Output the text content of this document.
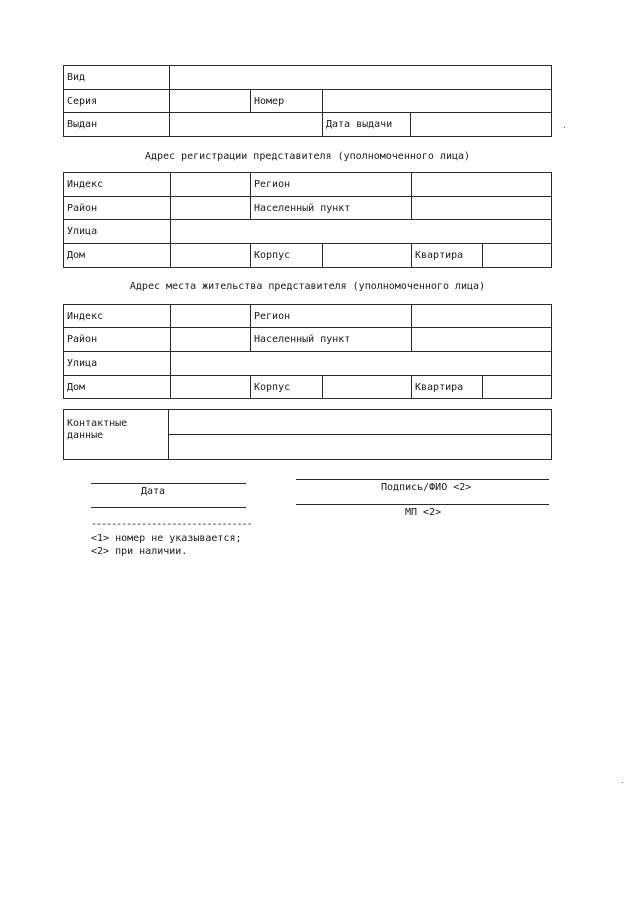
Вид				
Серия		Номер		
Выдан			Дата выдачи	
Адрес регистрации представителя (уполномоченного лица)
Индекс		Регион			
Район		Населенный пункт			
Улица					
Дом		Корпус		Квартира	
Адрес места жительства представителя (уполномоченного лица)
Индекс		Регион			
Район		Населенный пункт			
Улица					
Дом		Корпус		Квартира	
Контактные данные	

Дата	Подпись/ФИО <2>
МП <2>
--------------------------------
<1> номер не указывается;
<2> при наличии.
